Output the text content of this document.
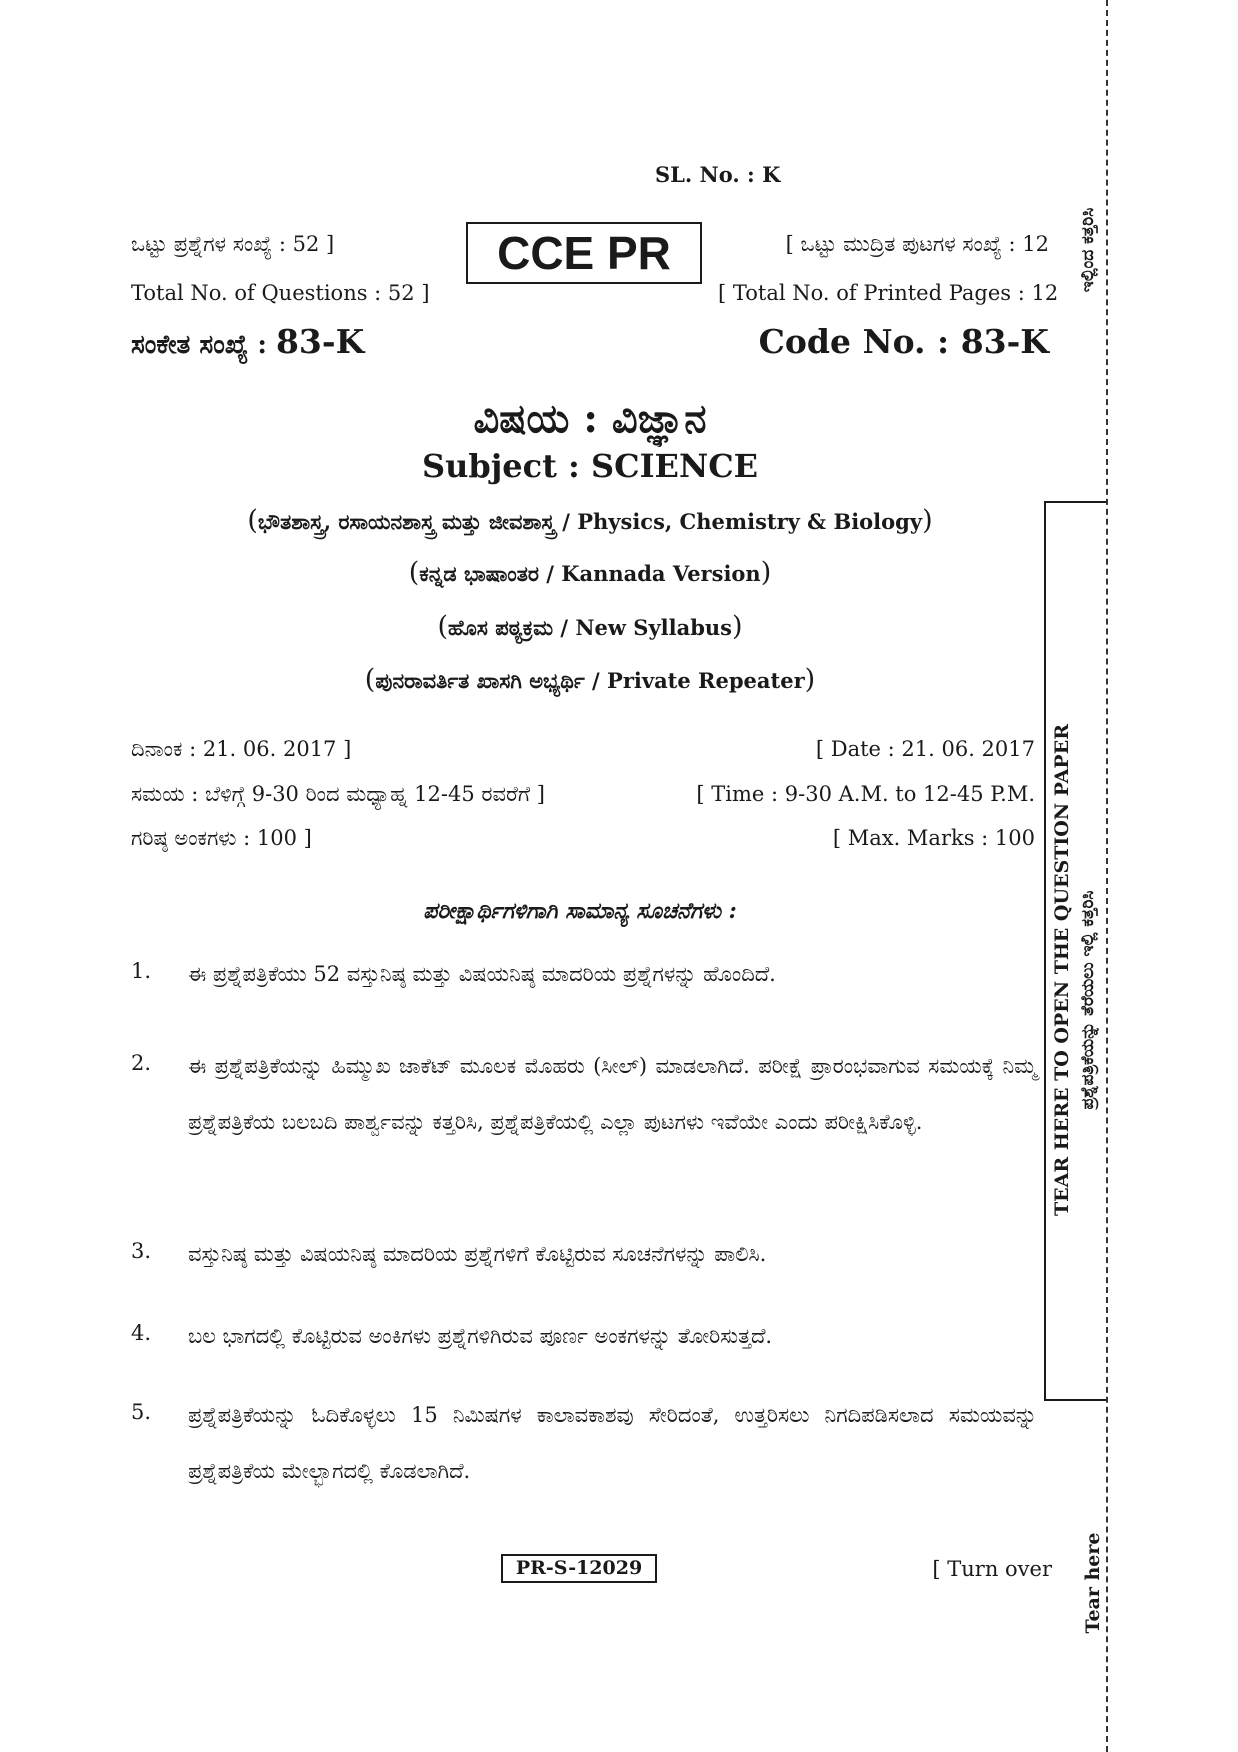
SL. No. : K
ಒಟ್ಟು ಪ್ರಶ್ನೆಗಳ ಸಂಖ್ಯೆ : 52 ]
Total No. of Questions : 52 ]
CCE PR	[ ಒಟ್ಟು ಮುದ್ರಿತ ಪುಟಗಳ ಸಂಖ್ಯೆ : 12
[ Total No. of Printed Pages : 12
ಸಂಕೇತ ಸಂಖ್ಯೆ : 83-K	Code No. : 83-K
ವಿಷಯ : ವಿಜ್ಞಾನ
Subject : SCIENCE
(ಭೌತಶಾಸ್ತ್ರ, ರಸಾಯನಶಾಸ್ತ್ರ ಮತ್ತು ಜೀವಶಾಸ್ತ್ರ / Physics, Chemistry & Biology)
(ಕನ್ನಡ ಭಾಷಾಂತರ / Kannada Version)
(ಹೊಸ ಪಠ್ಯಕ್ರಮ / New Syllabus)
(ಪುನರಾವರ್ತಿತ ಖಾಸಗಿ ಅಭ್ಯರ್ಥಿ / Private Repeater)
ದಿನಾಂಕ : 21. 06. 2017 ]
ಸಮಯ : ಬೆಳಿಗ್ಗೆ 9-30 ರಿಂದ ಮಧ್ಯಾಹ್ನ 12-45 ರವರೆಗೆ ]
ಗರಿಷ್ಠ ಅಂಕಗಳು : 100 ]
[ Date : 21. 06. 2017
[ Time : 9-30 A.M. to 12-45 P.M.
[ Max. Marks : 100
ಪರೀಕ್ಷಾರ್ಥಿಗಳಿಗಾಗಿ ಸಾಮಾನ್ಯ ಸೂಚನೆಗಳು :
1.	ಈ ಪ್ರಶ್ನೆಪತ್ರಿಕೆಯು 52 ವಸ್ತುನಿಷ್ಠ ಮತ್ತು ವಿಷಯನಿಷ್ಠ ಮಾದರಿಯ ಪ್ರಶ್ನೆಗಳನ್ನು ಹೊಂದಿದೆ.
2.	ಈ ಪ್ರಶ್ನೆಪತ್ರಿಕೆಯನ್ನು ಹಿಮ್ಮುಖ ಜಾಕೆಟ್ ಮೂಲಕ ಮೊಹರು (ಸೀಲ್) ಮಾಡಲಾಗಿದೆ. ಪರೀಕ್ಷೆ ಪ್ರಾರಂಭವಾಗುವ ಸಮಯಕ್ಕೆ ನಿಮ್ಮ ಪ್ರಶ್ನೆಪತ್ರಿಕೆಯ ಬಲಬದಿ ಪಾರ್ಶ್ವವನ್ನು ಕತ್ತರಿಸಿ, ಪ್ರಶ್ನೆಪತ್ರಿಕೆಯಲ್ಲಿ ಎಲ್ಲಾ ಪುಟಗಳು ಇವೆಯೇ ಎಂದು ಪರೀಕ್ಷಿಸಿಕೊಳ್ಳಿ.
3.	ವಸ್ತುನಿಷ್ಠ ಮತ್ತು ವಿಷಯನಿಷ್ಠ ಮಾದರಿಯ ಪ್ರಶ್ನೆಗಳಿಗೆ ಕೊಟ್ಟಿರುವ ಸೂಚನೆಗಳನ್ನು ಪಾಲಿಸಿ.
4.	ಬಲ ಭಾಗದಲ್ಲಿ ಕೊಟ್ಟಿರುವ ಅಂಕಿಗಳು ಪ್ರಶ್ನೆಗಳಿಗಿರುವ ಪೂರ್ಣ ಅಂಕಗಳನ್ನು ತೋರಿಸುತ್ತದೆ.
5.	ಪ್ರಶ್ನೆಪತ್ರಿಕೆಯನ್ನು ಓದಿಕೊಳ್ಳಲು 15 ನಿಮಿಷಗಳ ಕಾಲಾವಕಾಶವು ಸೇರಿದಂತೆ, ಉತ್ತರಿಸಲು ನಿಗದಿಪಡಿಸಲಾದ ಸಮಯವನ್ನು ಪ್ರಶ್ನೆಪತ್ರಿಕೆಯ ಮೇಲ್ಭಾಗದಲ್ಲಿ ಕೊಡಲಾಗಿದೆ.
PR-S-12029	[ Turn over
ಇಲ್ಲಿಂದ ಕತ್ತರಿಸಿ
TEAR HERE TO OPEN THE QUESTION PAPER ಪ್ರಶ್ನೆಪತ್ರಿಕೆಯನ್ನು ತೆರೆಯಲು ಇಲ್ಲಿ ಕತ್ತರಿಸಿ
Tear here
